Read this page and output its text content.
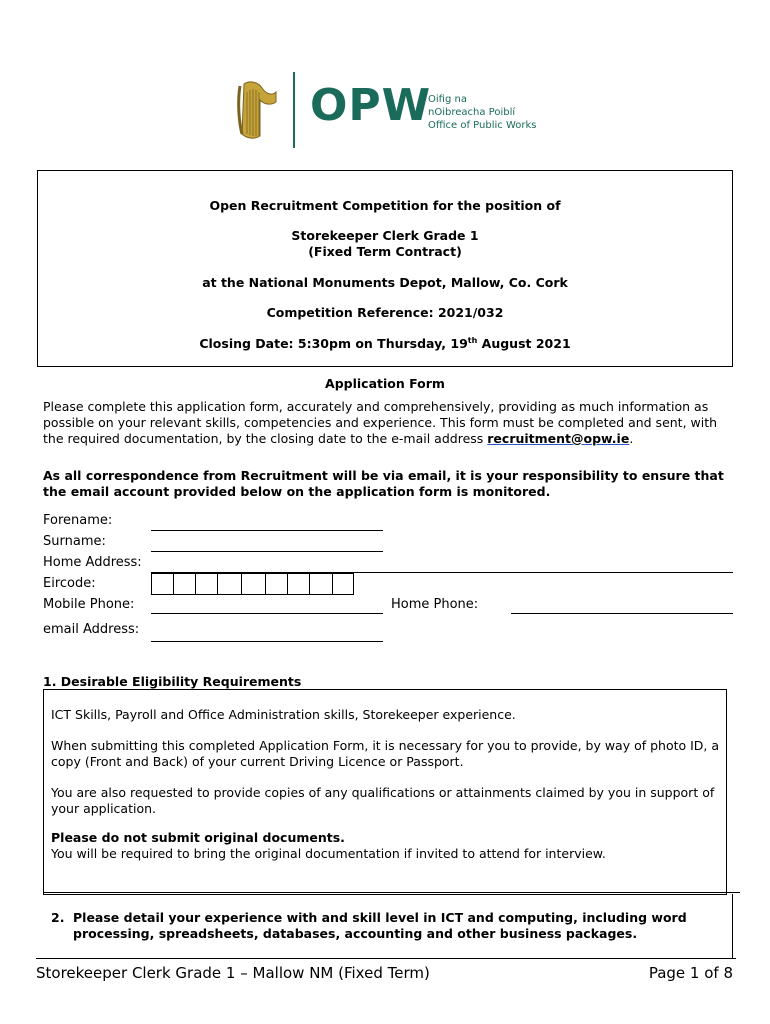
OPW
Oifig na
nOibreacha Poiblí
Office of Public Works
Open Recruitment Competition for the position of
Storekeeper Clerk Grade 1
(Fixed Term Contract)
at the National Monuments Depot, Mallow, Co. Cork
Competition Reference: 2021/032
Closing Date: 5:30pm on Thursday, 19th August 2021
Application Form
Please complete this application form, accurately and comprehensively, providing as much information as possible on your relevant skills, competencies and experience. This form must be completed and sent, with the required documentation, by the closing date to the e-mail address recruitment@opw.ie.
As all correspondence from Recruitment will be via email, it is your responsibility to ensure that the email account provided below on the application form is monitored.
Forename:
Surname:
Home Address:
Eircode:
Mobile Phone:	Home Phone:
email Address:
1. Desirable Eligibility Requirements
ICT Skills, Payroll and Office Administration skills, Storekeeper experience.
When submitting this completed Application Form, it is necessary for you to provide, by way of photo ID, a copy (Front and Back) of your current Driving Licence or Passport.
You are also requested to provide copies of any qualifications or attainments claimed by you in support of your application.
Please do not submit original documents.
You will be required to bring the original documentation if invited to attend for interview.
2. Please detail your experience with and skill level in ICT and computing, including word
processing, spreadsheets, databases, accounting and other business packages.
Storekeeper Clerk Grade 1 – Mallow NM (Fixed Term)	Page 1 of 8
